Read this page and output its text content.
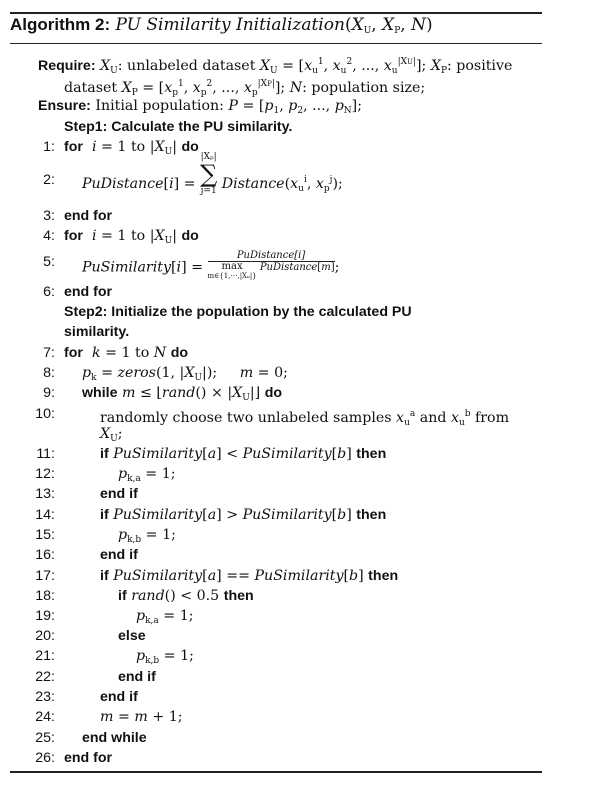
Algorithm 2: PU Similarity Initialization(XU, XP, N)
Require: $X_U$: unlabeled dataset $X_U = [x_u^1$, $x_u^2$, ..., $x_u^{|XU|}$]; $X_P$: positive
dataset $X_P = [x_p^1$, $x_p^2$, ..., $x_p^{|XP|}$]; N: population size;
Ensure: Initial population: $P = [p_1$, $p_2$, ..., $p_N$];
Step1: Calculate the PU similarity.
1: for i = 1 to $|X_U|$ do
2: PuDistance[i] =
|Xₚ|
∑
j=1 $Distance(x_u^i$, $x_p^j$);
3: end for
4: for i = 1 to $|X_U|$ do
5: PuSimilarity[i] =
PuDistance[i]
max
m∈{1,⋯,|Xᵤ|} PuDistance[m] ;
6: end for
Step2: Initialize the population by the calculated PU
similarity.
7: for k = 1 to N do
8: $p_k$ = zeros(1, $|X_U|$);     m = 0;
9: while m ≤ ⌊rand() × $|X_U|⌋$ do
10:	randomly choose two unlabeled samples $x_u^a$ and $x_u^b$ from
$X_U$;
11:	if PuSimilarity[a] < PuSimilarity[b] then
12:	$p_{k,a} = 1$;
13:	end if
14:	if PuSimilarity[a] > PuSimilarity[b] then
15:	$p_{k,b} = 1$;
16:	end if
17:	if PuSimilarity[a] == PuSimilarity[b] then
18:	if rand() < 0.5 then
19:	$p_{k,a} = 1$;
20:	else
21:	$p_{k,b} = 1$;
22:	end if
23:	end if
24:	m = m + 1;
25: end while
26: end for
